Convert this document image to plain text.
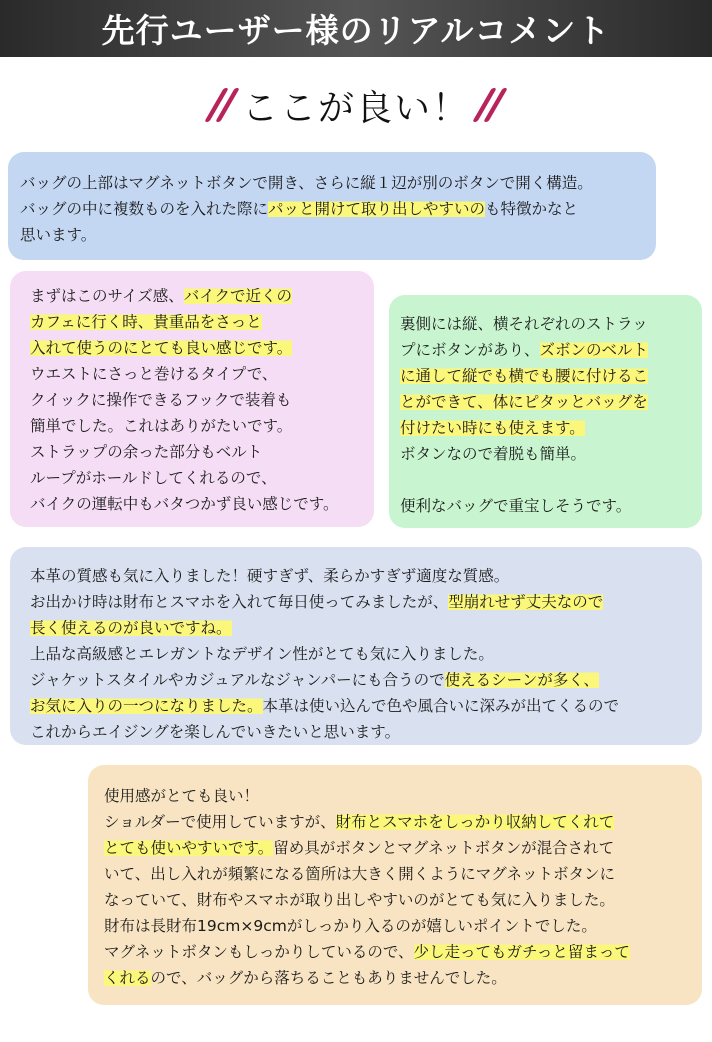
先行ユーザー様のリアルコメント
ここが良い！

バッグの上部はマグネットボタンで開き、さらに縦１辺が別のボタンで開く構造。
バッグの中に複数ものを入れた際にパッと開けて取り出しやすいのも特徴かなと
思います。

まずはこのサイズ感、バイクで近くの
カフェに行く時、貴重品をさっと
入れて使うのにとても良い感じです。
ウエストにさっと巻けるタイプで、
クイックに操作できるフックで装着も
簡単でした。これはありがたいです。
ストラップの余った部分もベルト
ループがホールドしてくれるので、
バイクの運転中もバタつかず良い感じです。

裏側には縦、横それぞれのストラッ
プにボタンがあり、ズボンのベルト
に通して縦でも横でも腰に付けるこ
とができて、体にピタッとバッグを
付けたい時にも使えます。
ボタンなので着脱も簡単。

便利なバッグで重宝しそうです。

本革の質感も気に入りました！硬すぎず、柔らかすぎず適度な質感。
お出かけ時は財布とスマホを入れて毎日使ってみましたが、型崩れせず丈夫なので
長く使えるのが良いですね。
上品な高級感とエレガントなデザイン性がとても気に入りました。
ジャケットスタイルやカジュアルなジャンパーにも合うので使えるシーンが多く、
お気に入りの一つになりました。本革は使い込んで色や風合いに深みが出てくるので
これからエイジングを楽しんでいきたいと思います。

使用感がとても良い！
ショルダーで使用していますが、財布とスマホをしっかり収納してくれて
とても使いやすいです。留め具がボタンとマグネットボタンが混合されて
いて、出し入れが頻繁になる箇所は大きく開くようにマグネットボタンに
なっていて、財布やスマホが取り出しやすいのがとても気に入りました。
財布は長財布19cm×9cmがしっかり入るのが嬉しいポイントでした。
マグネットボタンもしっかりしているので、少し走ってもガチっと留まって
くれるので、バッグから落ちることもありませんでした。
